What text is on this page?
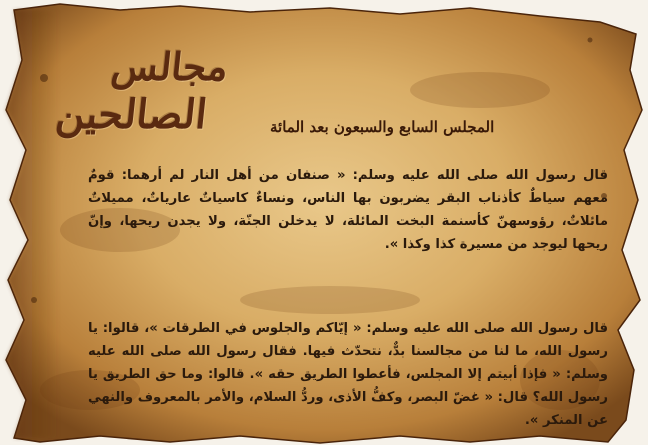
مجالس
الصالحين	المجلس السابع والسبعون بعد المائة
قال رسول الله صلى الله عليه وسلم: « صنفان من أهل النار لم أرهما: قومٌ معهم سياطٌ كأذناب البقر يضربون بها الناس، ونساءٌ كاسياتٌ عارياتٌ، مميلاتٌ مائلاتٌ، رؤوسهنّ كأسنمة البخت المائلة، لا يدخلن الجنّة، ولا يجدن ريحها، وإنّ ريحها ليوجد من مسيرة كذا وكذا ».
قال رسول الله صلى الله عليه وسلم: « إيّاكم والجلوس في الطرقات »، قالوا: يا رسول الله، ما لنا من مجالسنا بدٌّ، نتحدّث فيها. فقال رسول الله صلى الله عليه وسلم: « فإذا أبيتم إلا المجلس، فأعطوا الطريق حقه ». قالوا: وما حق الطريق يا رسول الله؟ قال: « غضّ البصر، وكفُّ الأذى، وردُّ السلام، والأمر بالمعروف والنهي عن المنكر ».
